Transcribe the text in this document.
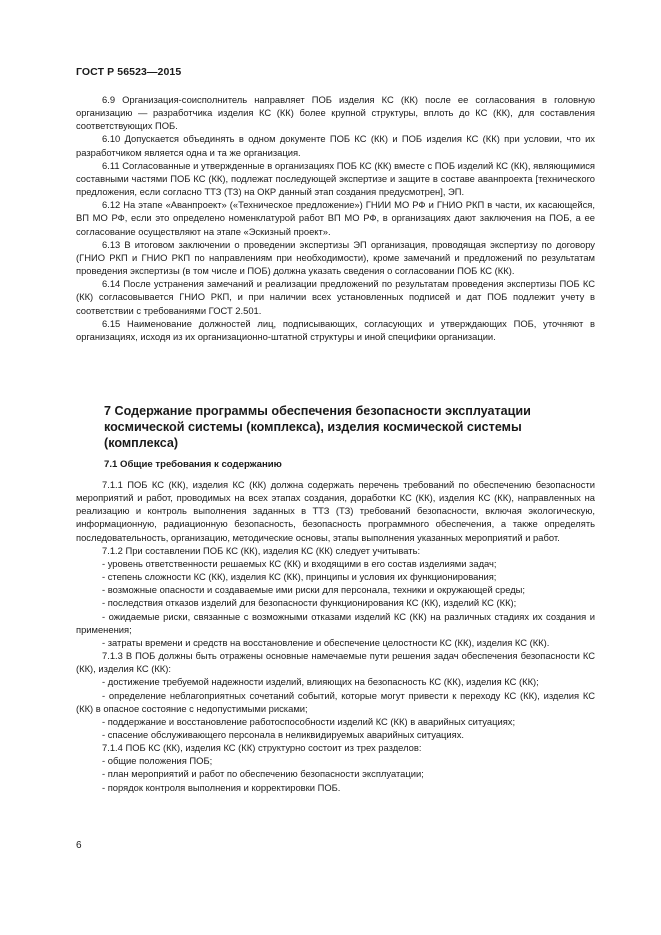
ГОСТ Р 56523—2015

6.9 Организация-соисполнитель направляет ПОБ изделия КС (КК) после ее согласования в головную организацию — разработчика изделия КС (КК) более крупной структуры, вплоть до КС (КК), для составления соответствующих ПОБ.

6.10 Допускается объединять в одном документе ПОБ КС (КК) и ПОБ изделия КС (КК) при условии, что их разработчиком является одна и та же организация.

6.11 Согласованные и утвержденные в организациях ПОБ КС (КК) вместе с ПОБ изделий КС (КК), являющимися составными частями ПОБ КС (КК), подлежат последующей экспертизе и защите в составе аванпроекта [технического предложения, если согласно ТТЗ (ТЗ) на ОКР данный этап создания предусмотрен], ЭП.

6.12 На этапе «Аванпроект» («Техническое предложение») ГНИИ МО РФ и ГНИО РКП в части, их касающейся, ВП МО РФ, если это определено номенклатурой работ ВП МО РФ, в организациях дают заключения на ПОБ, а ее согласование осуществляют на этапе «Эскизный проект».

6.13 В итоговом заключении о проведении экспертизы ЭП организация, проводящая экспертизу по договору (ГНИО РКП и ГНИО РКП по направлениям при необходимости), кроме замечаний и предложений по результатам проведения экспертизы (в том числе и ПОБ) должна указать сведения о согласовании ПОБ КС (КК).

6.14 После устранения замечаний и реализации предложений по результатам проведения экспертизы ПОБ КС (КК) согласовывается ГНИО РКП, и при наличии всех установленных подписей и дат ПОБ подлежит учету в соответствии с требованиями ГОСТ 2.501.

6.15 Наименование должностей лиц, подписывающих, согласующих и утверждающих ПОБ, уточняют в организациях, исходя из их организационно-штатной структуры и иной специфики организации.

7 Содержание программы обеспечения безопасности эксплуатации космической системы (комплекса), изделия космической системы (комплекса)
7.1 Общие требования к содержанию

7.1.1 ПОБ КС (КК), изделия КС (КК) должна содержать перечень требований по обеспечению безопасности мероприятий и работ, проводимых на всех этапах создания, доработки КС (КК), изделия КС (КК), направленных на реализацию и контроль выполнения заданных в ТТЗ (ТЗ) требований безопасности, включая экологическую, информационную, радиационную безопасность, безопасность программного обеспечения, а также определять последовательность, организацию, методические основы, этапы выполнения указанных мероприятий и работ.

7.1.2 При составлении ПОБ КС (КК), изделия КС (КК) следует учитывать:

- уровень ответственности решаемых КС (КК) и входящими в его состав изделиями задач;

- степень сложности КС (КК), изделия КС (КК), принципы и условия их функционирования;

- возможные опасности и создаваемые ими риски для персонала, техники и окружающей среды;

- последствия отказов изделий для безопасности функционирования КС (КК), изделий КС (КК);

- ожидаемые риски, связанные с возможными отказами изделий КС (КК) на различных стадиях их создания и применения;

- затраты времени и средств на восстановление и обеспечение целостности КС (КК), изделия КС (КК).

7.1.3 В ПОБ должны быть отражены основные намечаемые пути решения задач обеспечения безопасности КС (КК), изделия КС (КК):

- достижение требуемой надежности изделий, влияющих на безопасность КС (КК), изделия КС (КК);

- определение неблагоприятных сочетаний событий, которые могут привести к переходу КС (КК), изделия КС (КК) в опасное состояние с недопустимыми рисками;

- поддержание и восстановление работоспособности изделий КС (КК) в аварийных ситуациях;

- спасение обслуживающего персонала в неликвидируемых аварийных ситуациях.

7.1.4 ПОБ КС (КК), изделия КС (КК) структурно состоит из трех разделов:

- общие положения ПОБ;

- план мероприятий и работ по обеспечению безопасности эксплуатации;

- порядок контроля выполнения и корректировки ПОБ.

6
